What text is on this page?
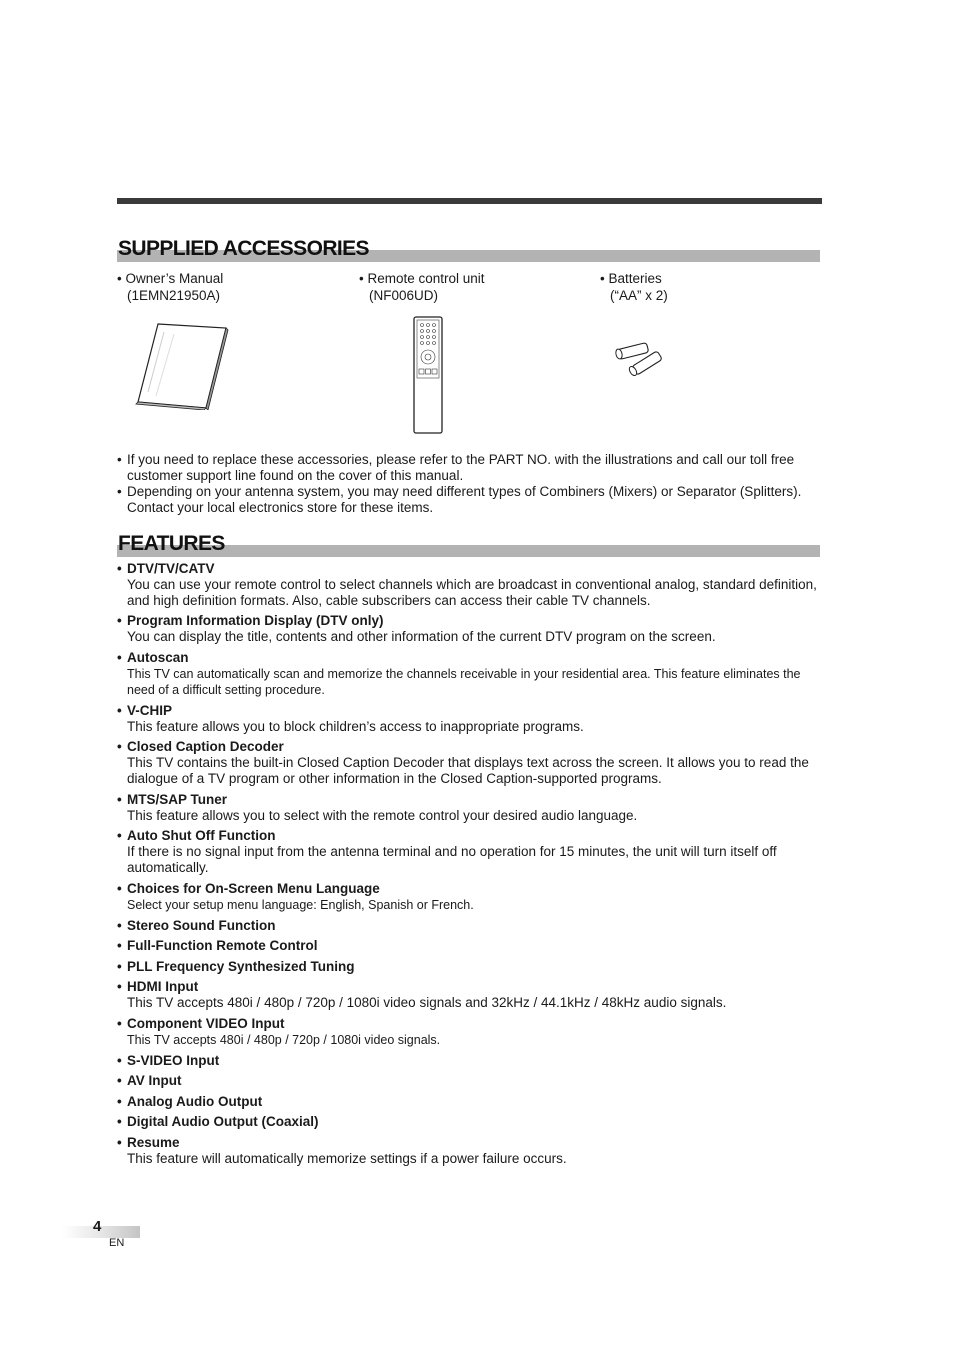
SUPPLIED ACCESSORIES
• Owner’s Manual
(1EMN21950A)
• Remote control unit
(NF006UD)
• Batteries
(“AA” x 2)
• If you need to replace these accessories, please refer to the PART NO. with the illustrations and call our toll free customer support line found on the cover of this manual.
• Depending on your antenna system, you may need different types of Combiners (Mixers) or Separator (Splitters). Contact your local electronics store for these items.
FEATURES
• DTV/TV/CATV
You can use your remote control to select channels which are broadcast in conventional analog, standard definition, and high definition formats. Also, cable subscribers can access their cable TV channels.
• Program Information Display (DTV only)
You can display the title, contents and other information of the current DTV program on the screen.
• Autoscan
This TV can automatically scan and memorize the channels receivable in your residential area. This feature eliminates the need of a difficult setting procedure.
• V-CHIP
This feature allows you to block children’s access to inappropriate programs.
• Closed Caption Decoder
This TV contains the built-in Closed Caption Decoder that displays text across the screen. It allows you to read the dialogue of a TV program or other information in the Closed Caption-supported programs.
• MTS/SAP Tuner
This feature allows you to select with the remote control your desired audio language.
• Auto Shut Off Function
If there is no signal input from the antenna terminal and no operation for 15 minutes, the unit will turn itself off automatically.
• Choices for On-Screen Menu Language
Select your setup menu language: English, Spanish or French.
• Stereo Sound Function
• Full-Function Remote Control
• PLL Frequency Synthesized Tuning
• HDMI Input
This TV accepts 480i / 480p / 720p / 1080i video signals and 32kHz / 44.1kHz / 48kHz audio signals.
• Component VIDEO Input
This TV accepts 480i / 480p / 720p / 1080i video signals.
• S-VIDEO Input
• AV Input
• Analog Audio Output
• Digital Audio Output (Coaxial)
• Resume
This feature will automatically memorize settings if a power failure occurs.
4
EN
